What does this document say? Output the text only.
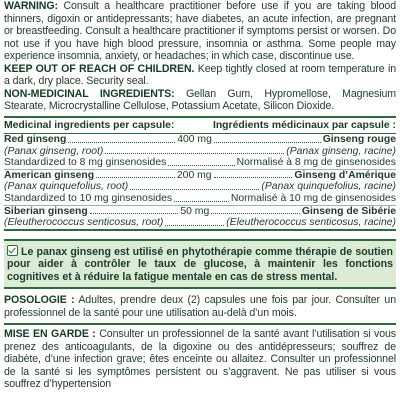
WARNING: Consult a healthcare practitioner before use if you are taking blood thinners, digoxin or antidepressants; have diabetes, an acute infection, are pregnant or breastfeeding. Consult a healthcare practitioner if symptoms persist or worsen. Do not use if you have high blood pressure, insomnia or asthma. Some people may experience insomnia, anxiety, or headaches; in which case, discontinue use.

KEEP OUT OF REACH OF CHILDREN. Keep tightly closed at room temperature in a dark, dry place. Security seal.

NON-MEDICINAL INGREDIENTS: Gellan Gum, Hypromellose, Magnesium Stearate, Microcrystalline Cellulose, Potassium Acetate, Silicon Dioxide.

Medicinal ingredients per capsule:	Ingrédients médicinaux par capsule :
Red ginseng	400 mg	Ginseng rouge
(Panax ginseng, root)	(Panax ginseng, racine)
Standardized to 8 mg ginsenosides	Normalisé à 8 mg de ginsenosides
American ginseng	200 mg	Ginseng d’Amérique
(Panax quinquefolius, root)	(Panax quinquefolius, racine)
Standardized to 10 mg ginsenosides	Normalisé à 10 mg de ginsenosides
Siberian ginseng	50 mg	Ginseng de Sibérie
(Eleutherococcus senticosus, root)	(Eleutherococcus senticosus, racine)
Le panax ginseng est utilisé en phytothérapie comme thérapie de soutien pour aider à contrôler le taux de glucose, à maintenir les fonctions cognitives et à réduire la fatigue mentale en cas de stress mental.

POSOLOGIE : Adultes, prendre deux (2) capsules une fois par jour. Consulter un professionnel de la santé pour une utilisation au-delà d’un mois.

MISE EN GARDE : Consulter un professionnel de la santé avant l’utilisation si vous prenez des anticoagulants, de la digoxine ou des antidépresseurs; souffrez de diabète, d’une infection grave; êtes enceinte ou allaitez. Consulter un professionnel de la santé si les symptômes persistent ou s’aggravent. Ne pas utiliser si vous souffrez d’hypertension
